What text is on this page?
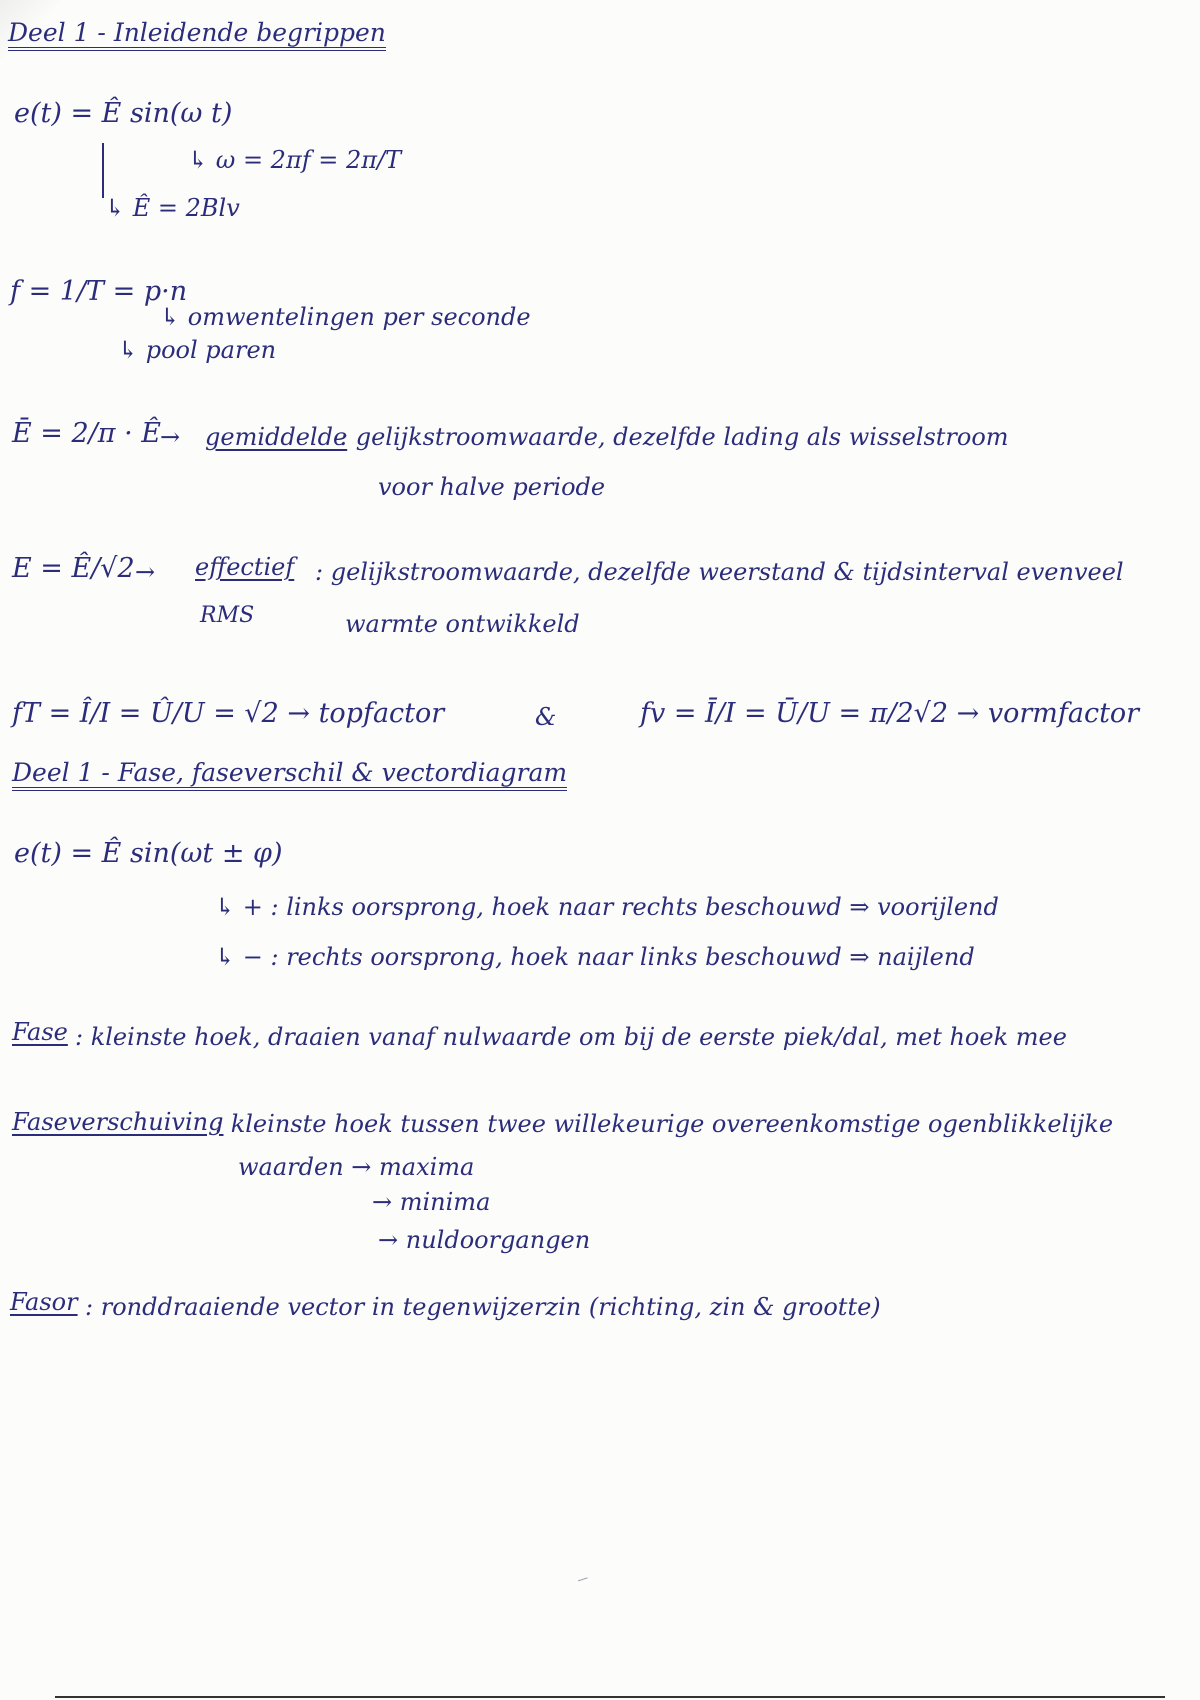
Deel 1 - Inleidende begrippen
e(t) = Ê sin(ω t)
↳ ω = 2πf = 2π/T
↳ Ê = 2Blv
f = 1/T = p·n
↳ omwentelingen per seconde
↳ pool paren
Ē = 2/π · Ê → gemiddelde
: gelijkstroomwaarde, dezelfde lading als wisselstroom
voor halve periode
E = Ê/√2 → effectief
RMS
: gelijkstroomwaarde, dezelfde weerstand & tijdsinterval evenveel
warmte ontwikkeld
fT = Î/I = Û/U = √2 → topfactor	&	fv = Ī/I = Ū/U = π/2√2 → vormfactor
Deel 1 - Fase, faseverschil & vectordiagram
e(t) = Ê sin(ωt ± φ)
↳ + : links oorsprong, hoek naar rechts beschouwd ⇒ voorijlend
↳ − : rechts oorsprong, hoek naar links beschouwd ⇒ naijlend
Fase : kleinste hoek, draaien vanaf nulwaarde om bij de eerste piek/dal, met hoek mee
Faseverschuiving
: kleinste hoek tussen twee willekeurige overeenkomstige ogenblikkelijke
waarden → maxima
→ minima
→ nuldoorgangen
Fasor : ronddraaiende vector in tegenwijzerzin (richting, zin & grootte)
